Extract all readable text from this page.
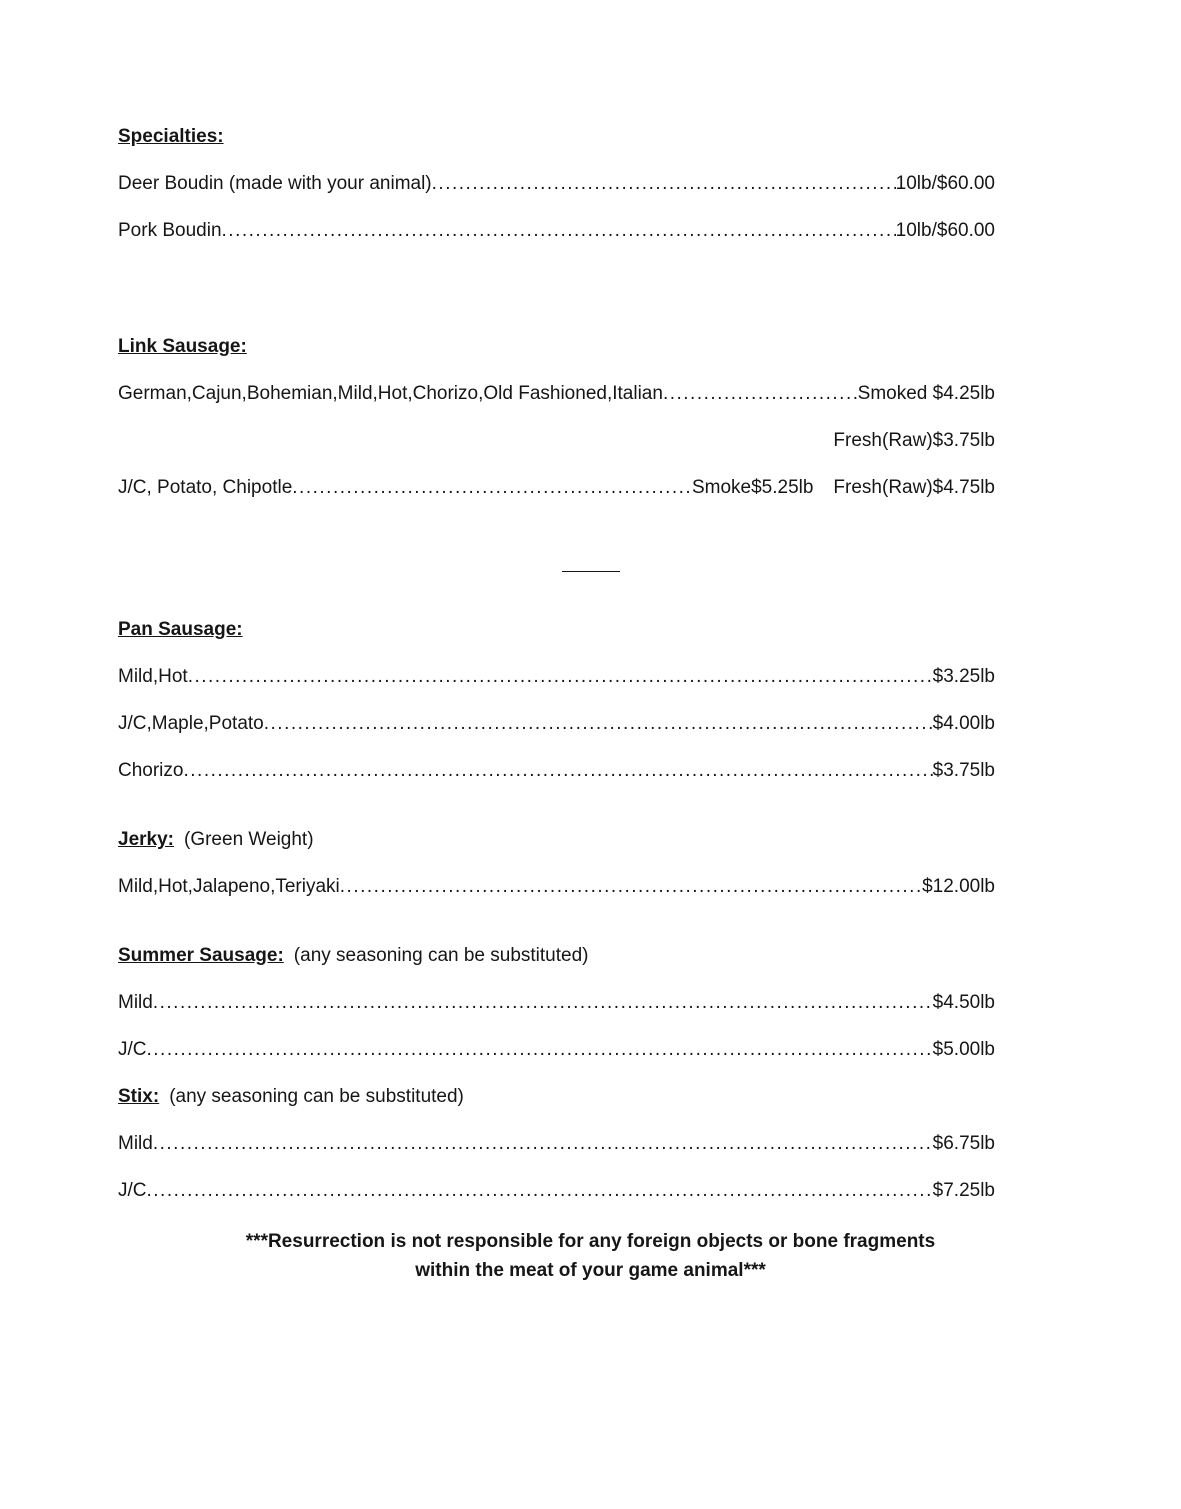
Specialties:
Deer Boudin (made with your animal) .....	10lb/$60.00
Pork Boudin .....	10lb/$60.00
Link Sausage:
German,Cajun,Bohemian,Mild,Hot,Chorizo,Old Fashioned,Italian .....	Smoked $4.25lb
Fresh(Raw)$3.75lb
J/C, Potato, Chipotle .....	Smoke$5.25lb Fresh(Raw)$4.75lb
Pan Sausage:
Mild,Hot .....	$3.25lb
J/C,Maple,Potato .....	$4.00lb
Chorizo .....	$3.75lb
Jerky: (Green Weight)
Mild,Hot,Jalapeno,Teriyaki .....	$12.00lb
Summer Sausage: (any seasoning can be substituted)
Mild .....	$4.50lb
J/C .....	$5.00lb
Stix: (any seasoning can be substituted)
Mild .....	$6.75lb
J/C .....	$7.25lb
***Resurrection is not responsible for any foreign objects or bone fragments
within the meat of your game animal***
